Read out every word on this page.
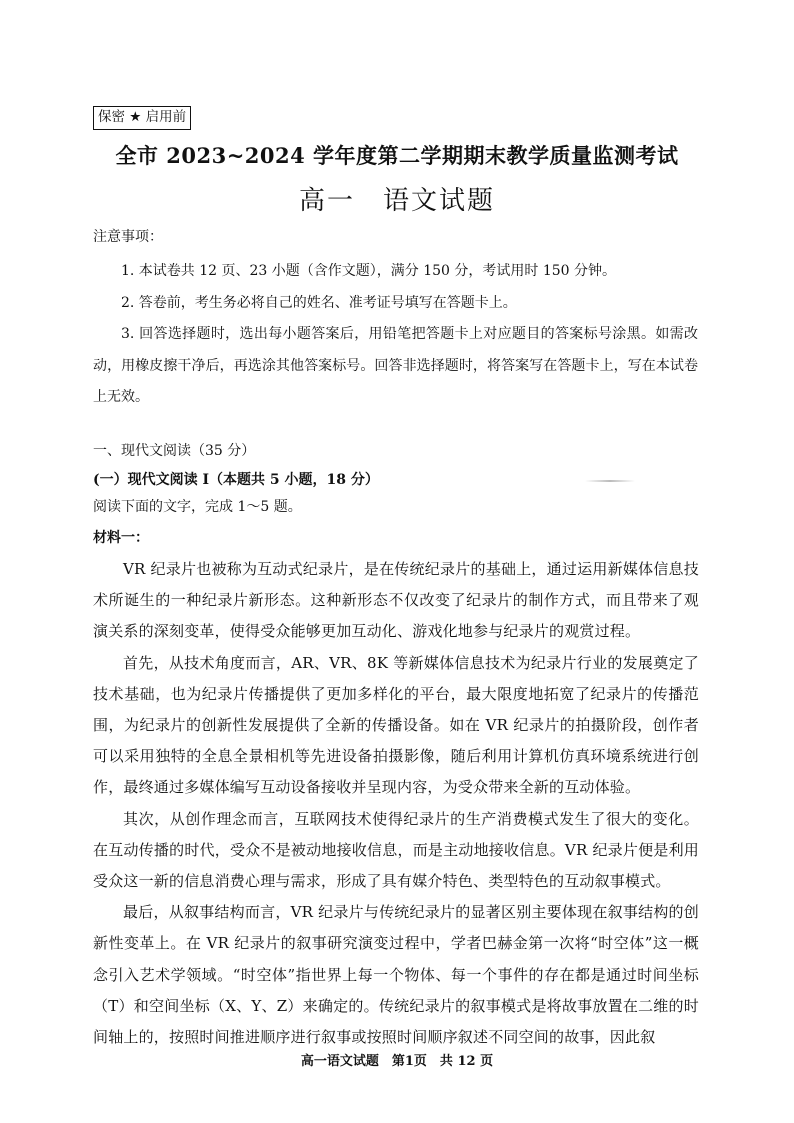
保密 ★ 启用前
全市 2023~2024 学年度第二学期期末教学质量监测考试
高一　语文试题
注意事项：

1. 本试卷共 12 页、23 小题（含作文题），满分 150 分，考试用时 150 分钟。

2. 答卷前，考生务必将自己的姓名、准考证号填写在答题卡上。

3. 回答选择题时，选出每小题答案后，用铅笔把答题卡上对应题目的答案标号涂黑。如需改动，用橡皮擦干净后，再选涂其他答案标号。回答非选择题时，将答案写在答题卡上，写在本试卷上无效。

一、现代文阅读（35 分）
(一）现代文阅读 I（本题共 5 小题，18 分）
阅读下面的文字，完成 1～5 题。
材料一：

VR 纪录片也被称为互动式纪录片，是在传统纪录片的基础上，通过运用新媒体信息技术所诞生的一种纪录片新形态。这种新形态不仅改变了纪录片的制作方式，而且带来了观演关系的深刻变革，使得受众能够更加互动化、游戏化地参与纪录片的观赏过程。

首先，从技术角度而言，AR、VR、8K 等新媒体信息技术为纪录片行业的发展奠定了技术基础，也为纪录片传播提供了更加多样化的平台，最大限度地拓宽了纪录片的传播范围，为纪录片的创新性发展提供了全新的传播设备。如在 VR 纪录片的拍摄阶段，创作者可以采用独特的全息全景相机等先进设备拍摄影像，随后利用计算机仿真环境系统进行创作，最终通过多媒体编写互动设备接收并呈现内容，为受众带来全新的互动体验。

其次，从创作理念而言，互联网技术使得纪录片的生产消费模式发生了很大的变化。在互动传播的时代，受众不是被动地接收信息，而是主动地接收信息。VR 纪录片便是利用受众这一新的信息消费心理与需求，形成了具有媒介特色、类型特色的互动叙事模式。

最后，从叙事结构而言，VR 纪录片与传统纪录片的显著区别主要体现在叙事结构的创新性变革上。在 VR 纪录片的叙事研究演变过程中，学者巴赫金第一次将“时空体”这一概念引入艺术学领域。“时空体”指世界上每一个物体、每一个事件的存在都是通过时间坐标（T）和空间坐标（X、Y、Z）来确定的。传统纪录片的叙事模式是将故事放置在二维的时间轴上的，按照时间推进顺序进行叙事或按照时间顺序叙述不同空间的故事，因此叙

高一语文试题　第1页　共 12 页
